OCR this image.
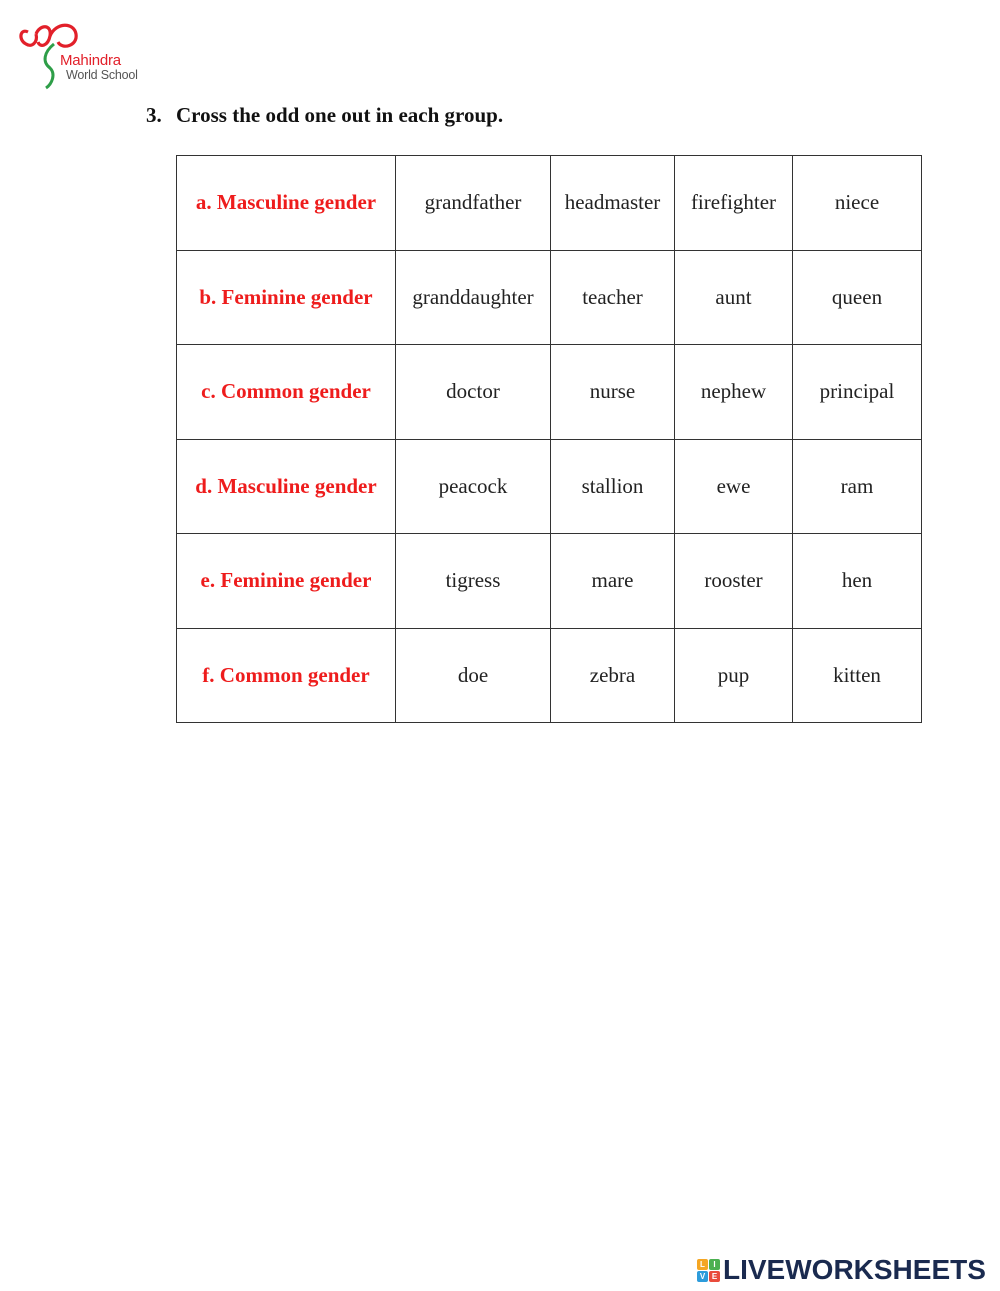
Mahindra
World School
3. Cross the odd one out in each group.
a. Masculine gender	grandfather	headmaster	firefighter	niece
b. Feminine gender	granddaughter	teacher	aunt	queen
c. Common gender	doctor	nurse	nephew	principal
d. Masculine gender	peacock	stallion	ewe	ram
e. Feminine gender	tigress	mare	rooster	hen
f. Common gender	doe	zebra	pup	kitten
L	I
V E LIVEWORKSHEETS
